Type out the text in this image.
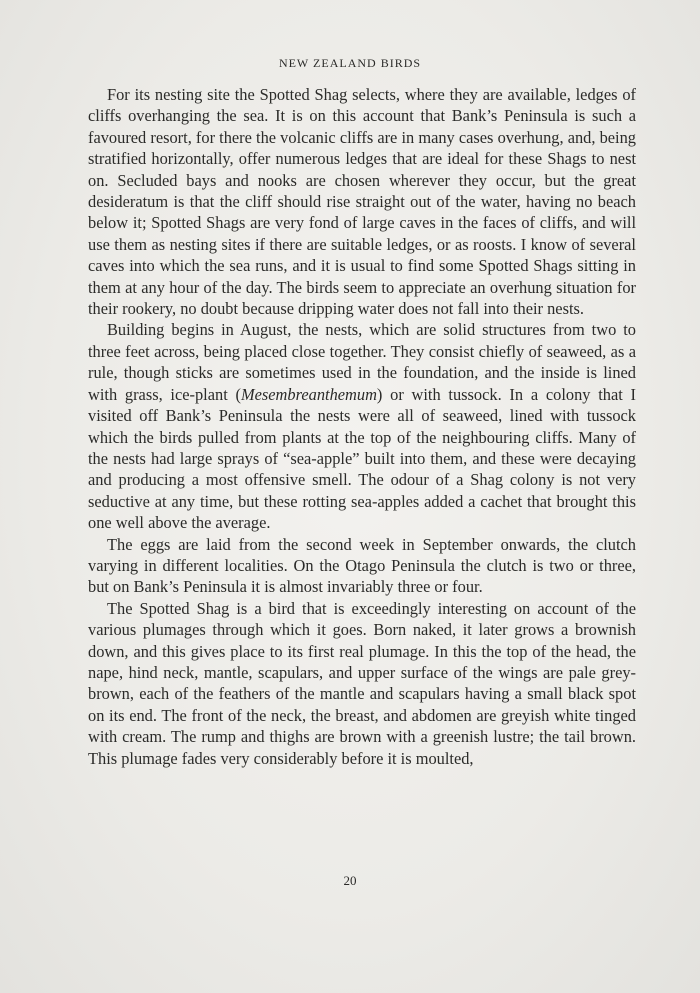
NEW ZEALAND BIRDS

For its nesting site the Spotted Shag selects, where they are available, ledges of cliffs overhanging the sea. It is on this account that Bank’s Peninsula is such a favoured resort, for there the volcanic cliffs are in many cases overhung, and, being stratified horizontally, offer numerous ledges that are ideal for these Shags to nest on. Secluded bays and nooks are chosen wherever they occur, but the great desideratum is that the cliff should rise straight out of the water, having no beach below it; Spotted Shags are very fond of large caves in the faces of cliffs, and will use them as nesting sites if there are suitable ledges, or as roosts. I know of several caves into which the sea runs, and it is usual to find some Spotted Shags sitting in them at any hour of the day. The birds seem to appreciate an overhung situation for their rookery, no doubt because dripping water does not fall into their nests.

Building begins in August, the nests, which are solid structures from two to three feet across, being placed close together. They consist chiefly of seaweed, as a rule, though sticks are sometimes used in the foundation, and the inside is lined with grass, ice-plant (Mesembreanthemum) or with tussock. In a colony that I visited off Bank’s Peninsula the nests were all of seaweed, lined with tussock which the birds pulled from plants at the top of the neighbouring cliffs. Many of the nests had large sprays of “sea-apple” built into them, and these were decaying and producing a most offensive smell. The odour of a Shag colony is not very seductive at any time, but these rotting sea-apples added a cachet that brought this one well above the average.

The eggs are laid from the second week in September onwards, the clutch varying in different localities. On the Otago Peninsula the clutch is two or three, but on Bank’s Peninsula it is almost invariably three or four.

The Spotted Shag is a bird that is exceedingly interesting on account of the various plumages through which it goes. Born naked, it later grows a brownish down, and this gives place to its first real plumage. In this the top of the head, the nape, hind neck, mantle, scapulars, and upper surface of the wings are pale grey-brown, each of the feathers of the mantle and scapulars having a small black spot on its end. The front of the neck, the breast, and abdomen are greyish white tinged with cream. The rump and thighs are brown with a greenish lustre; the tail brown. This plumage fades very considerably before it is moulted,

20
